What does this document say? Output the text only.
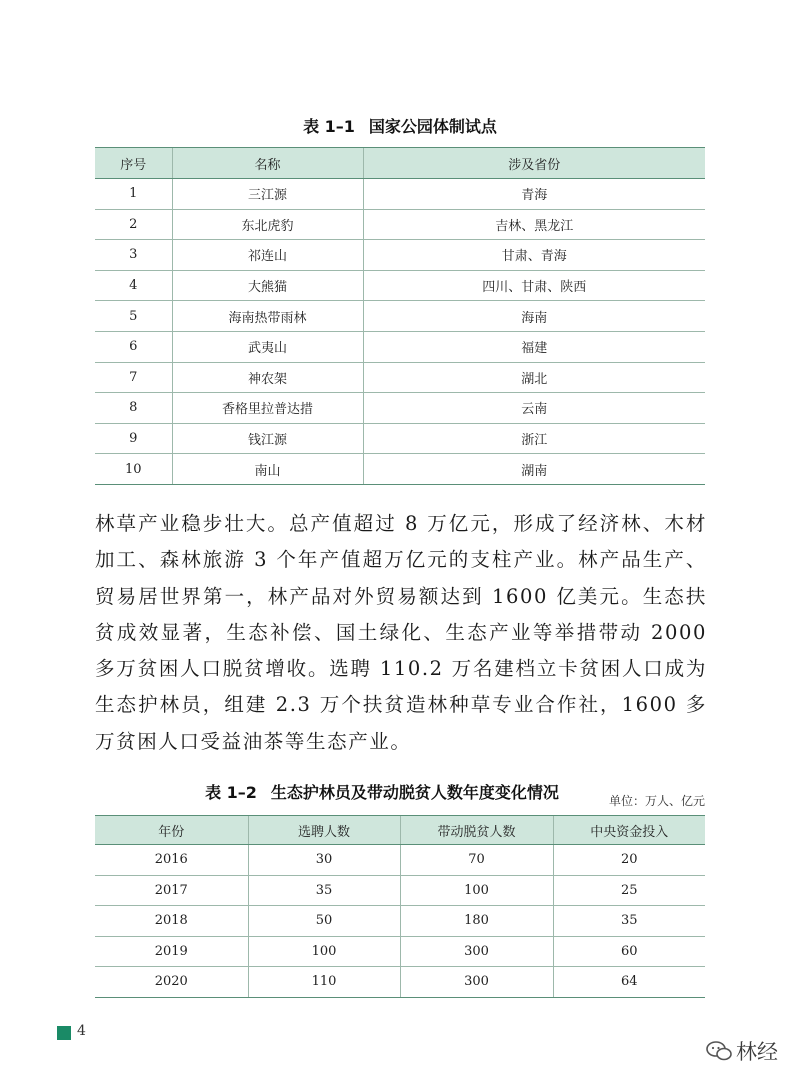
表 1–1 国家公园体制试点
序号	名称	涉及省份
1	三江源	青海
2	东北虎豹	吉林、黑龙江
3	祁连山	甘肃、青海
4	大熊猫	四川、甘肃、陕西
5	海南热带雨林	海南
6	武夷山	福建
7	神农架	湖北
8	香格里拉普达措	云南
9	钱江源	浙江
10	南山	湖南

林草产业稳步壮大。总产值超过 8 万亿元，形成了经济林、木材加工、森林旅游 3 个年产值超万亿元的支柱产业。林产品生产、贸易居世界第一，林产品对外贸易额达到 1600 亿美元。生态扶贫成效显著，生态补偿、国土绿化、生态产业等举措带动 2000 多万贫困人口脱贫增收。选聘 110.2 万名建档立卡贫困人口成为生态护林员，组建 2.3 万个扶贫造林种草专业合作社，1600 多万贫困人口受益油茶等生态产业。

表 1–2 生态护林员及带动脱贫人数年度变化情况	单位：万人、亿元
年份	选聘人数	带动脱贫人数	中央资金投入
2016	30	70	20
2017	35	100	25
2018	50	180	35
2019	100	300	60
2020	110	300	64
4
林经
